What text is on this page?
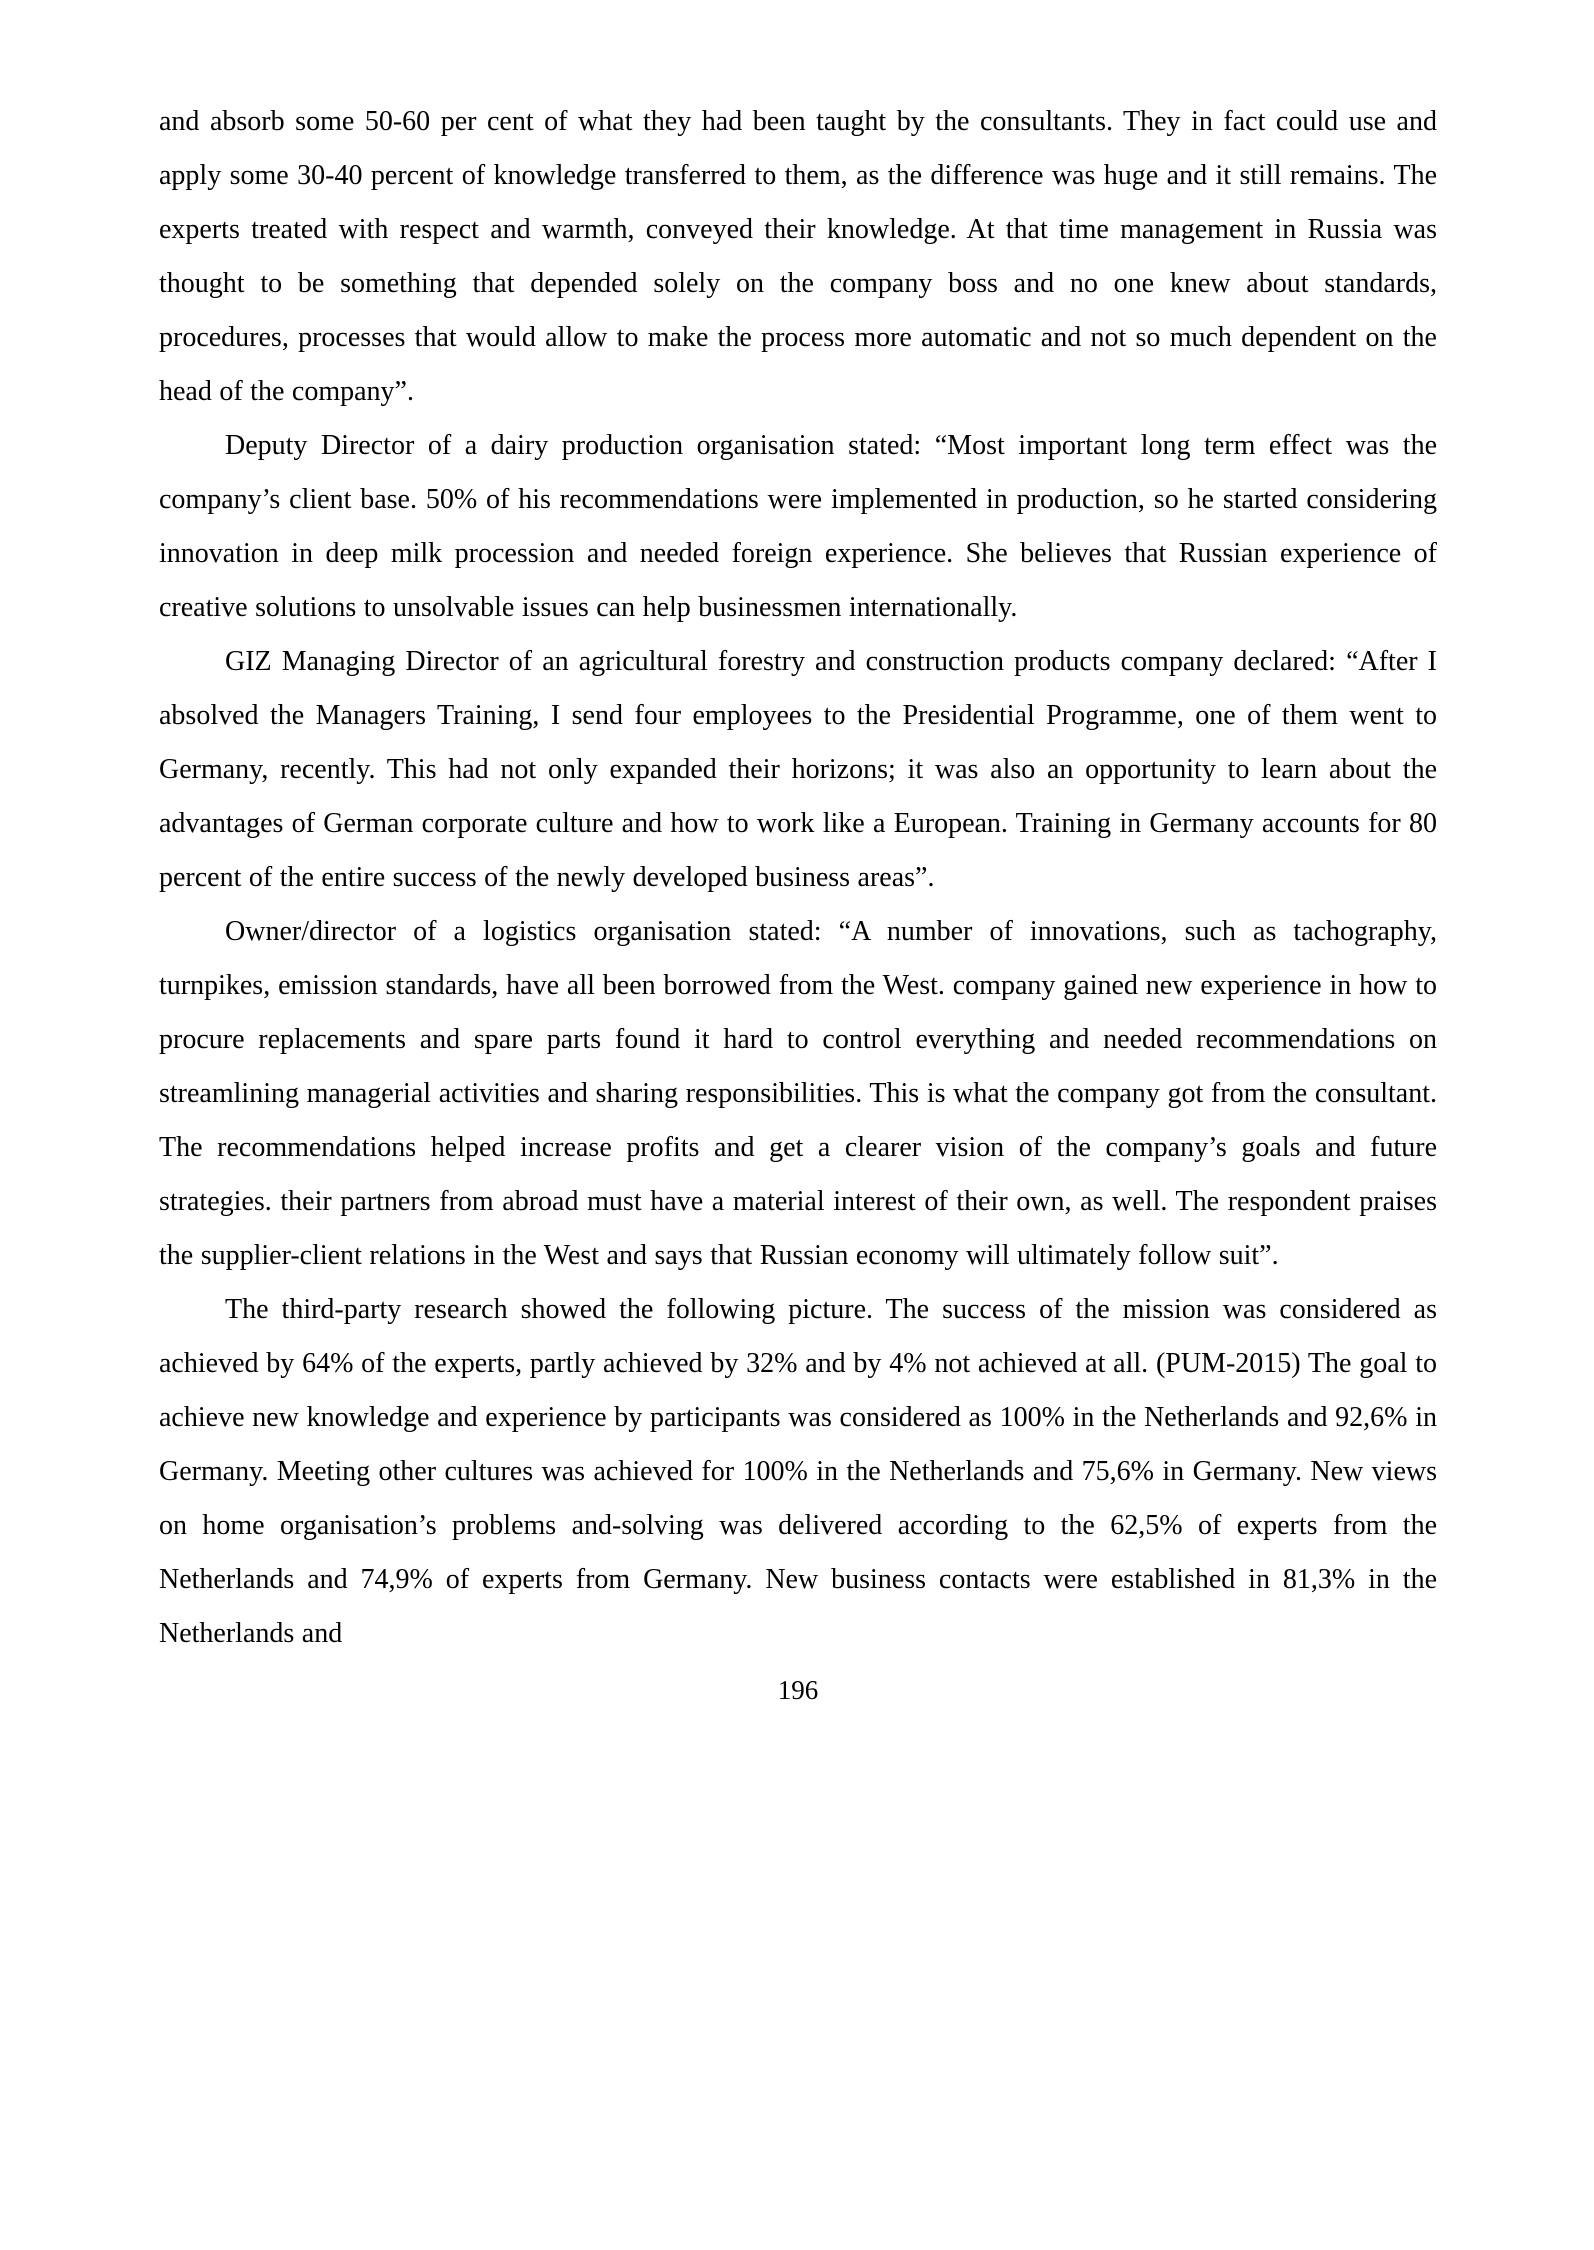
and absorb some 50-60 per cent of what they had been taught by the consultants. They in fact could use and apply some 30-40 percent of knowledge transferred to them, as the difference was huge and it still remains. The experts treated with respect and warmth, conveyed their knowledge. At that time management in Russia was thought to be something that depended solely on the company boss and no one knew about standards, procedures, processes that would allow to make the process more automatic and not so much dependent on the head of the company”.

Deputy Director of a dairy production organisation stated: “Most important long term effect was the company’s client base. 50% of his recommendations were implemented in production, so he started considering innovation in deep milk procession and needed foreign experience. She believes that Russian experience of creative solutions to unsolvable issues can help businessmen internationally.

GIZ Managing Director of an agricultural forestry and construction products company declared: “After I absolved the Managers Training, I send four employees to the Presidential Programme, one of them went to Germany, recently. This had not only expanded their horizons; it was also an opportunity to learn about the advantages of German corporate culture and how to work like a European. Training in Germany accounts for 80 percent of the entire success of the newly developed business areas”.

Owner/director of a logistics organisation stated: “A number of innovations, such as tachography, turnpikes, emission standards, have all been borrowed from the West. company gained new experience in how to procure replacements and spare parts found it hard to control everything and needed recommendations on streamlining managerial activities and sharing responsibilities. This is what the company got from the consultant. The recommendations helped increase profits and get a clearer vision of the company’s goals and future strategies. their partners from abroad must have a material interest of their own, as well. The respondent praises the supplier-client relations in the West and says that Russian economy will ultimately follow suit”.

The third-party research showed the following picture. The success of the mission was considered as achieved by 64% of the experts, partly achieved by 32% and by 4% not achieved at all. (PUM-2015) The goal to achieve new knowledge and experience by participants was considered as 100% in the Netherlands and 92,6% in Germany. Meeting other cultures was achieved for 100% in the Netherlands and 75,6% in Germany. New views on home organisation’s problems and-solving was delivered according to the 62,5% of experts from the Netherlands and 74,9% of experts from Germany. New business contacts were established in 81,3% in the Netherlands and

196
